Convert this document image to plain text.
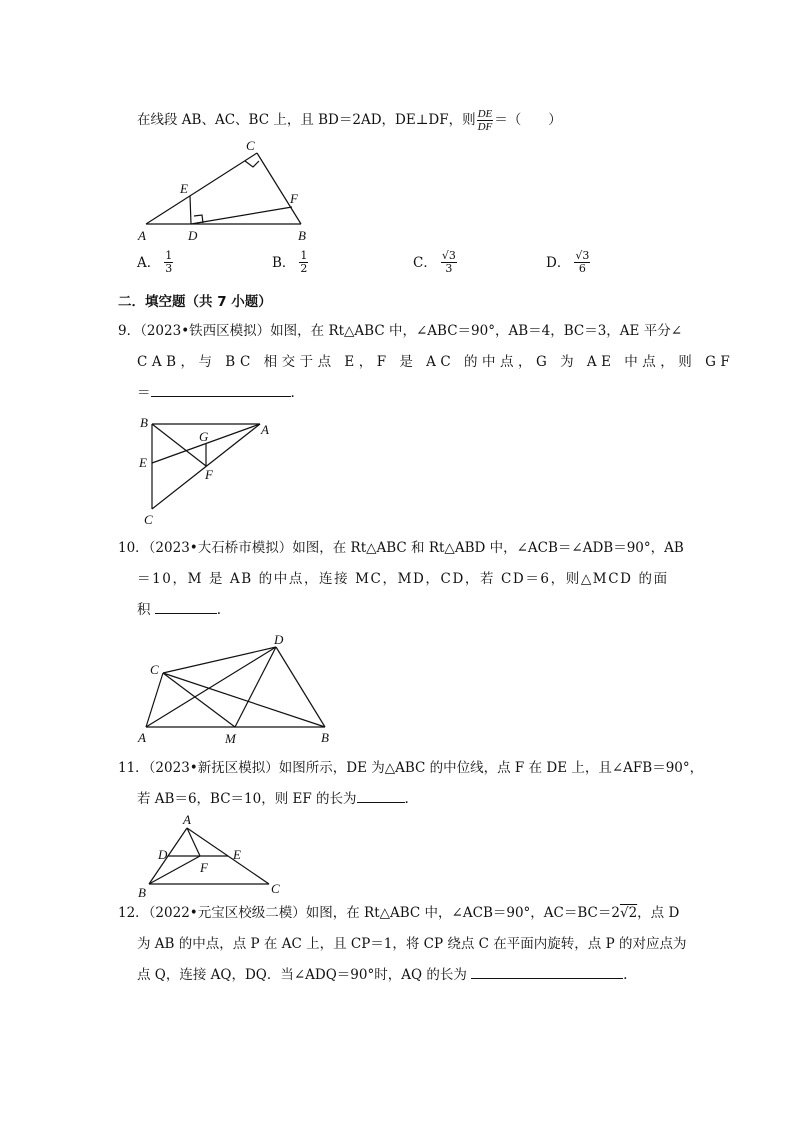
在线段 AB、AC、BC 上，且 BD＝2AD，DE⊥DF，则 $\frac{DE}{DF}$ ＝（　　）
C
E
F
A	D	B
A． $\frac{1}{3}$	B． $\frac{1}{2}$	C． $\frac{√3}{3}$	D． $\frac{√3}{6}$
二．填空题（共 7 小题）
9．（2023•铁西区模拟）如图，在 Rt△ABC 中，∠ABC＝90°，AB＝4，BC＝3，AE 平分∠
CAB，与 BC 相交于点 E，F 是 AC 的中点，G 为 AE 中点，则 GF
＝	.
B
G	A
E
F
C
10．（2023•大石桥市模拟）如图，在 Rt△ABC 和 Rt△ABD 中，∠ACB＝∠ADB＝90°，AB
＝10，M 是 AB 的中点，连接 MC，MD，CD，若 CD＝6，则△MCD 的面
积	.
D
C
A	M	B
11．（2023•新抚区模拟）如图所示，DE 为△ABC 的中位线，点 F 在 DE 上，且∠AFB＝90°，
若 AB＝6，BC＝10，则 EF 的长为	.
A
D	E
F
B	C
12．（2022•元宝区校级二模）如图，在 Rt△ABC 中，∠ACB＝90°，AC＝BC＝2√2，点 D
为 AB 的中点，点 P 在 AC 上，且 CP＝1，将 CP 绕点 C 在平面内旋转，点 P 的对应点为
点 Q，连接 AQ，DQ．当∠ADQ＝90°时，AQ 的长为	.
